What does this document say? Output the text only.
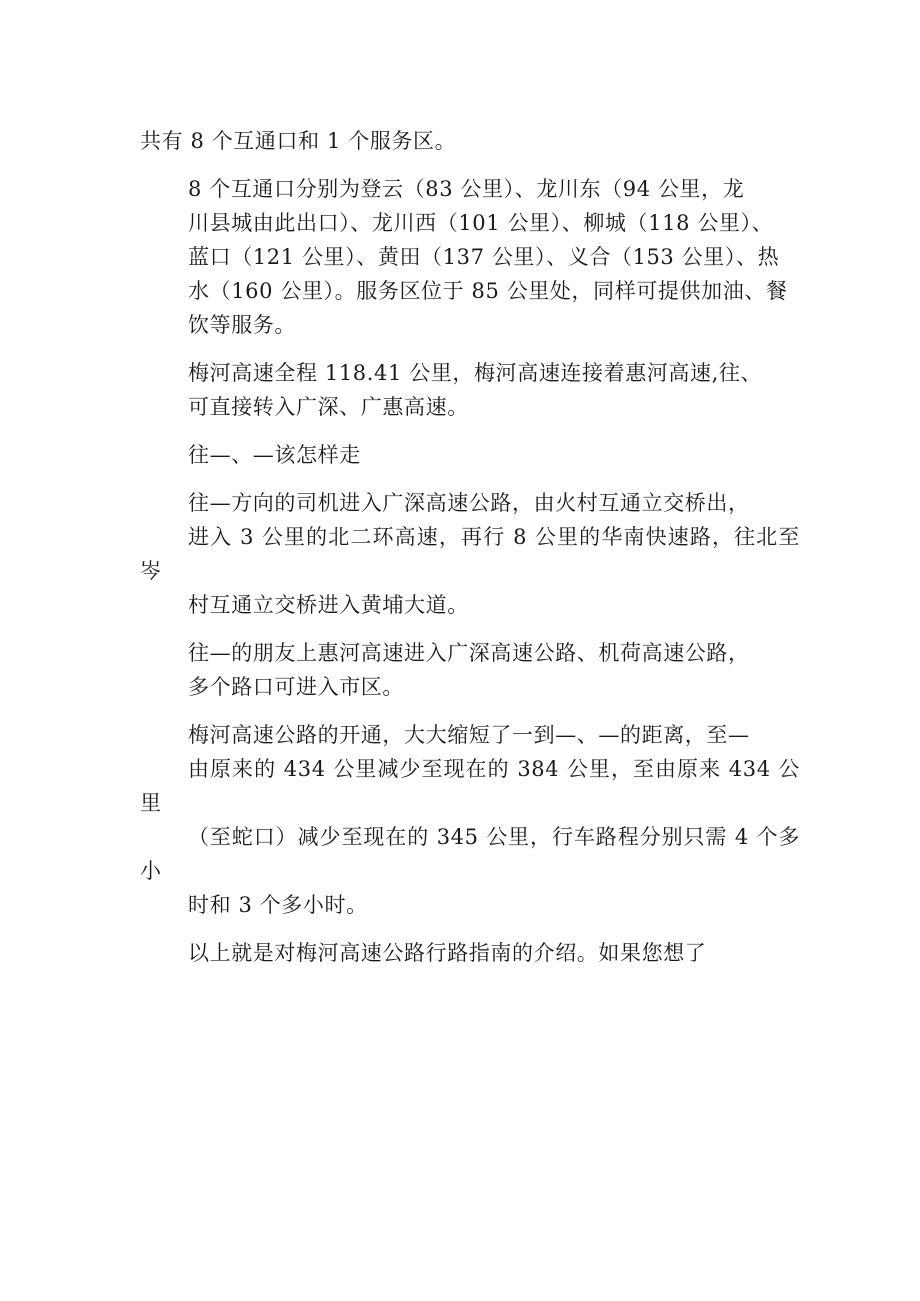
共有 8 个互通口和 1 个服务区。

8 个互通口分别为登云（83 公里）、龙川东（94 公里，龙
川县城由此出口）、龙川西（101 公里）、柳城（118 公里）、
蓝口（121 公里）、黄田（137 公里）、义合（153 公里）、热
水（160 公里）。服务区位于 85 公里处，同样可提供加油、餐
饮等服务。

梅河高速全程 118.41 公里，梅河高速连接着惠河高速,往、
可直接转入广深、广惠高速。

往—、—该怎样走

往—方向的司机进入广深高速公路，由火村互通立交桥出，
进入 3 公里的北二环高速，再行 8 公里的华南快速路，往北至岑
村互通立交桥进入黄埔大道。

往—的朋友上惠河高速进入广深高速公路、机荷高速公路，
多个路口可进入市区。

梅河高速公路的开通，大大缩短了一到—、—的距离，至—
由原来的 434 公里减少至现在的 384 公里，至由原来 434 公里
（至蛇口）减少至现在的 345 公里，行车路程分别只需 4 个多小
时和 3 个多小时。

以上就是对梅河高速公路行路指南的介绍。如果您想了
